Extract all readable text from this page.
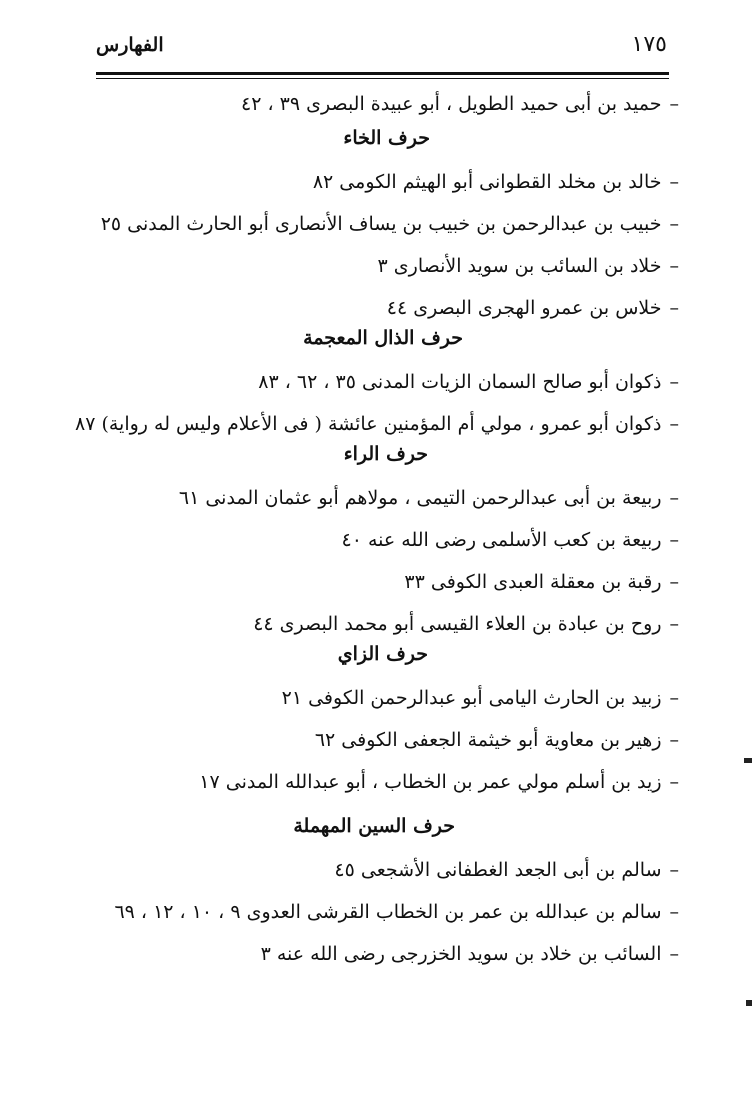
الفهارس	١٧٥
–حميد بن أبى حميد الطويل ، أبو عبيدة البصرى ٣٩ ، ٤٢
حرف الخاء
–خالد بن مخلد القطوانى أبو الهيثم الكومى ٨٢
–خبيب بن عبدالرحمن بن خبيب بن يساف الأنصارى أبو الحارث المدنى ٢٥
–خلاد بن السائب بن سويد الأنصارى ٣
–خلاس بن عمرو الهجرى البصرى ٤٤
حرف الذال المعجمة
–ذكوان أبو صالح السمان الزيات المدنى ٣٥ ، ٦٢ ، ٨٣
–ذكوان أبو عمرو ، مولي أم المؤمنين عائشة ( فى الأعلام وليس له رواية) ٨٧
حرف الراء
–ربيعة بن أبى عبدالرحمن التيمى ، مولاهم أبو عثمان المدنى ٦١
–ربيعة بن كعب الأسلمى رضى الله عنه ٤٠
–رقبة بن معقلة العبدى الكوفى ٣٣
–روح بن عبادة بن العلاء القيسى أبو محمد البصرى ٤٤
حرف الزاي
–زبيد بن الحارث اليامى أبو عبدالرحمن الكوفى ٢١
–زهير بن معاوية أبو خيثمة الجعفى الكوفى ٦٢
–زيد بن أسلم مولي عمر بن الخطاب ، أبو عبدالله المدنى ١٧
حرف السين المهملة
–سالم بن أبى الجعد الغطفانى الأشجعى ٤٥
–سالم بن عبدالله بن عمر بن الخطاب القرشى العدوى ٩ ، ١٠ ، ١٢ ، ٦٩
–السائب بن خلاد بن سويد الخزرجى رضى الله عنه ٣
